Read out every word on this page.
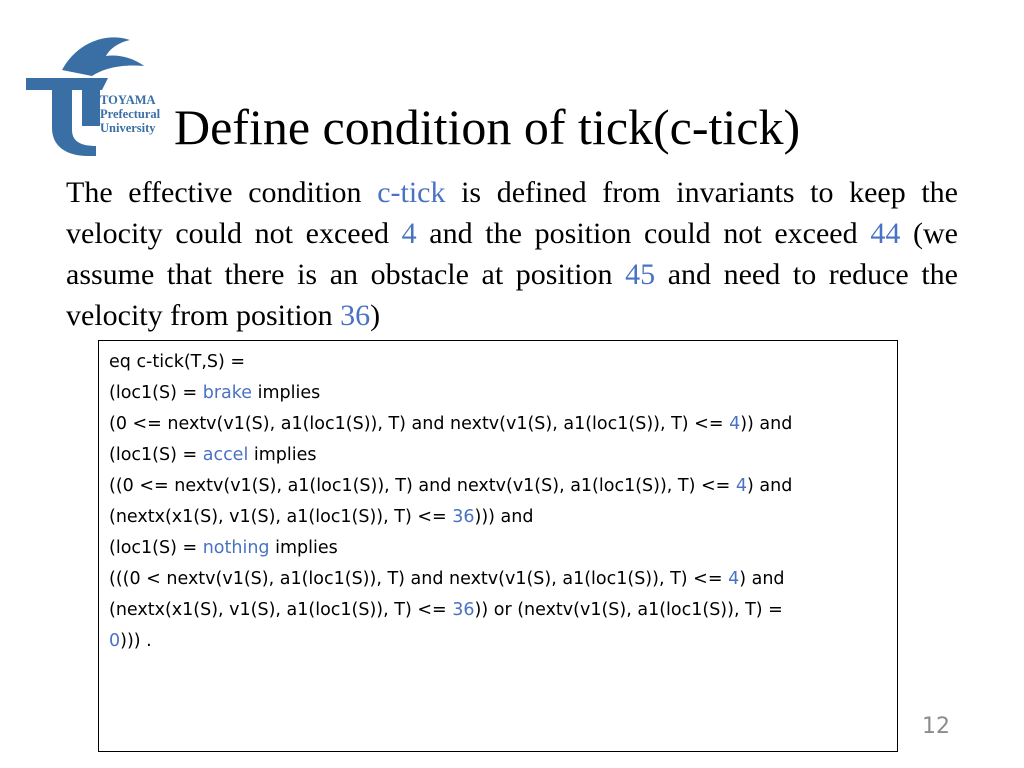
TOYAMA
Prefectural
University Define condition of tick(c-tick)

The effective condition c-tick is defined from invariants to keep the velocity could not exceed 4 and the position could not exceed 44 (we assume that there is an obstacle at position 45 and need to reduce the velocity from position 36)

eq c-tick(T,S) =
(loc1(S) = brake implies
(0 <= nextv(v1(S), a1(loc1(S)), T) and nextv(v1(S), a1(loc1(S)), T) <= 4)) and
(loc1(S) = accel implies
((0 <= nextv(v1(S), a1(loc1(S)), T) and nextv(v1(S), a1(loc1(S)), T) <= 4) and
(nextx(x1(S), v1(S), a1(loc1(S)), T) <= 36))) and
(loc1(S) = nothing implies
(((0 < nextv(v1(S), a1(loc1(S)), T) and nextv(v1(S), a1(loc1(S)), T) <= 4) and
(nextx(x1(S), v1(S), a1(loc1(S)), T) <= 36)) or (nextv(v1(S), a1(loc1(S)), T) =
0))) .
12
